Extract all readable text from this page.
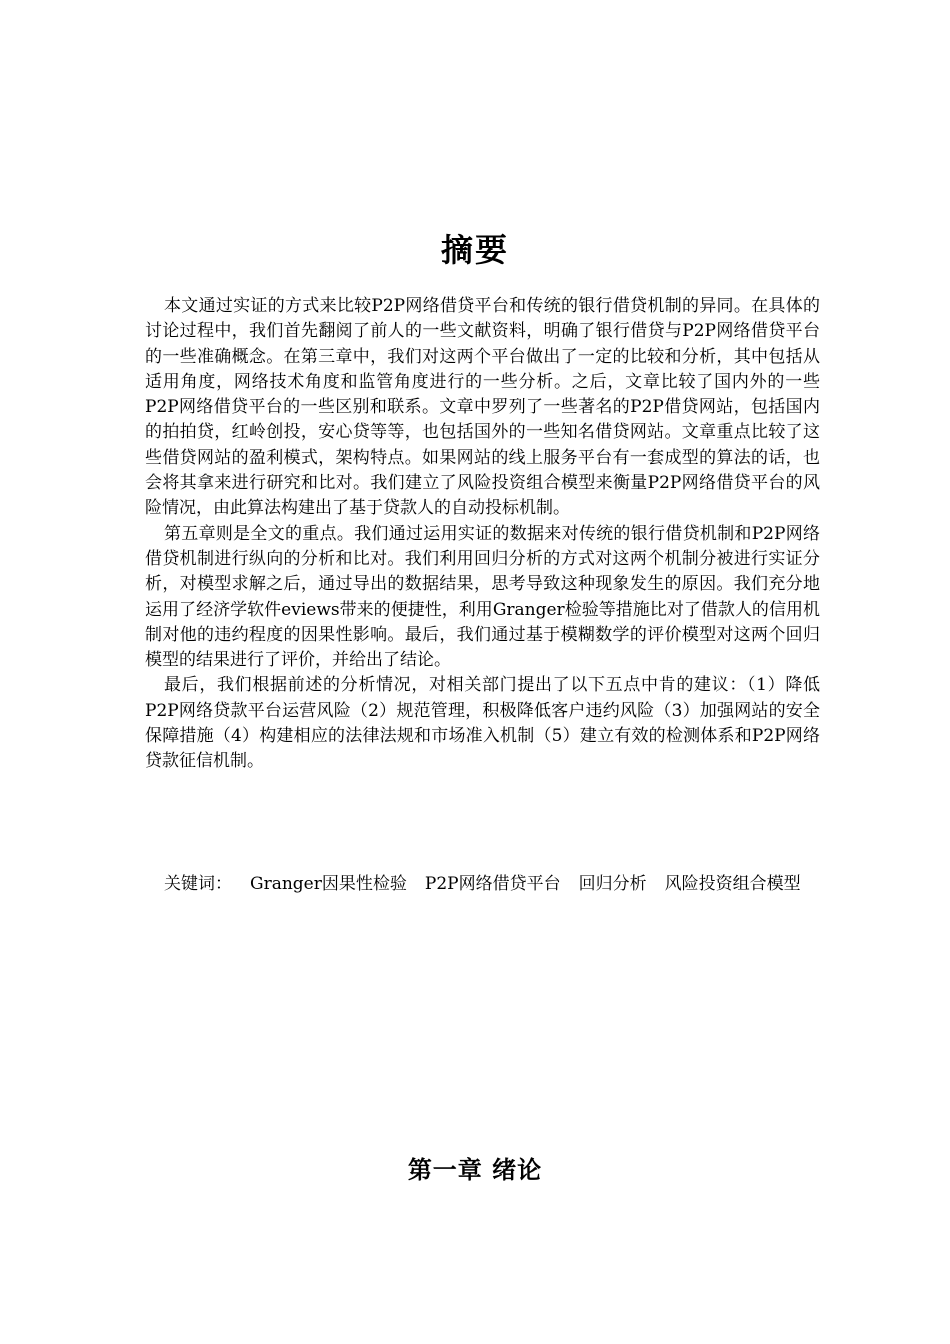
摘要

本文通过实证的方式来比较P2P网络借贷平台和传统的银行借贷机制的异同。在具体的讨论过程中，我们首先翻阅了前人的一些文献资料，明确了银行借贷与P2P网络借贷平台的一些准确概念。在第三章中，我们对这两个平台做出了一定的比较和分析，其中包括从适用角度，网络技术角度和监管角度进行的一些分析。之后，文章比较了国内外的一些P2P网络借贷平台的一些区别和联系。文章中罗列了一些著名的P2P借贷网站，包括国内的拍拍贷，红岭创投，安心贷等等，也包括国外的一些知名借贷网站。文章重点比较了这些借贷网站的盈利模式，架构特点。如果网站的线上服务平台有一套成型的算法的话，也会将其拿来进行研究和比对。我们建立了风险投资组合模型来衡量P2P网络借贷平台的风险情况，由此算法构建出了基于贷款人的自动投标机制。

第五章则是全文的重点。我们通过运用实证的数据来对传统的银行借贷机制和P2P网络借贷机制进行纵向的分析和比对。我们利用回归分析的方式对这两个机制分被进行实证分析，对模型求解之后，通过导出的数据结果，思考导致这种现象发生的原因。我们充分地运用了经济学软件eviews带来的便捷性，利用Granger检验等措施比对了借款人的信用机制对他的违约程度的因果性影响。最后，我们通过基于模糊数学的评价模型对这两个回归模型的结果进行了评价，并给出了结论。

最后，我们根据前述的分析情况，对相关部门提出了以下五点中肯的建议：（1）降低P2P网络贷款平台运营风险（2）规范管理，积极降低客户违约风险（3）加强网站的安全保障措施（4）构建相应的法律法规和市场准入机制（5）建立有效的检测体系和P2P网络贷款征信机制。

关键词： Granger因果性检验 P2P网络借贷平台 回归分析 风险投资组合模型
第一章 绪论
